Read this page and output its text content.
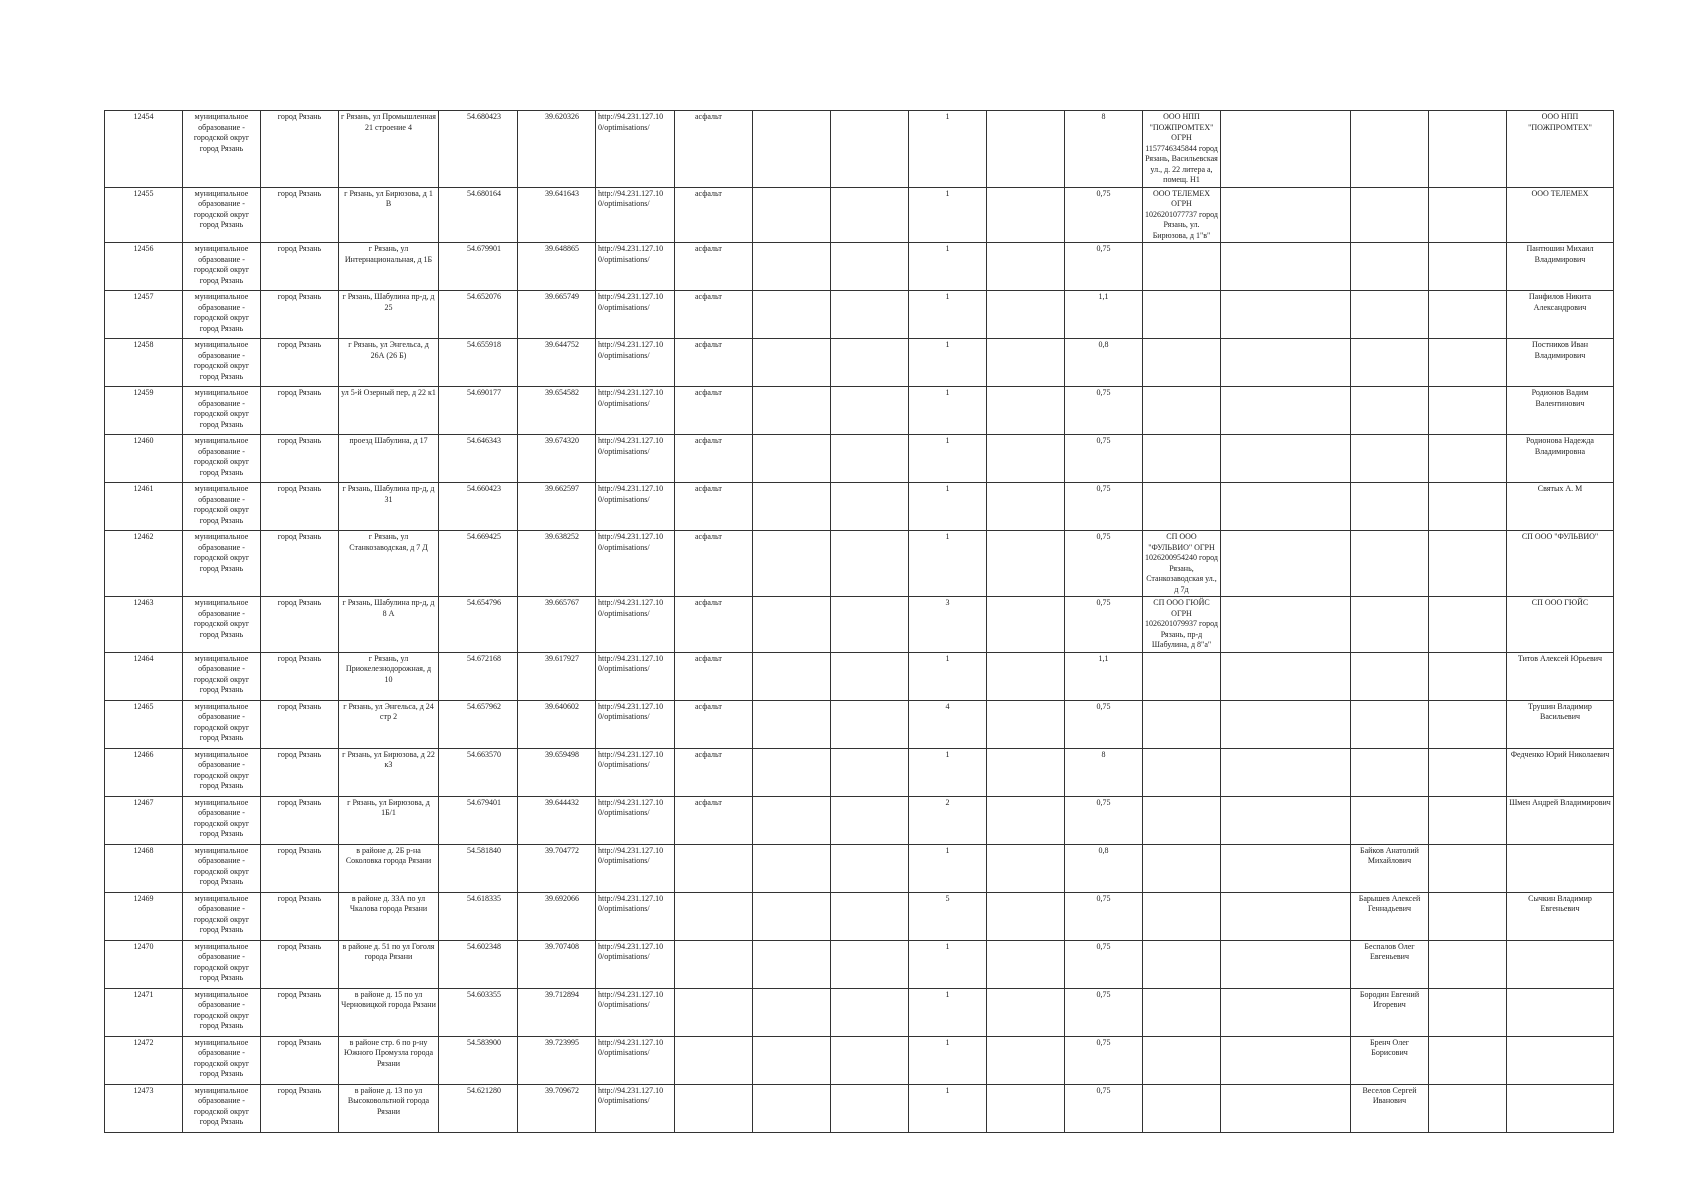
12454	муниципальное образование - городской округ город Рязань	город Рязань	г Рязань, ул Промышленная 21 строение 4	54.680423	39.620326	http://94.231.127.10 0/optimisations/	асфальт			1		8	ООО НПП "ПОЖПРОМТЕХ" ОГРН 1157746345844 город Рязань, Васильевская ул., д. 22 литера а, помещ. Н1				ООО НПП "ПОЖПРОМТЕХ"
12455	муниципальное образование - городской округ город Рязань	город Рязань	г Рязань, ул Бирюзова, д 1 В	54.680164	39.641643	http://94.231.127.10 0/optimisations/	асфальт			1		0,75	ООО ТЕЛЕМЕХ ОГРН 1026201077737 город Рязань, ул. Бирюзова, д 1"в"				ООО ТЕЛЕМЕХ
12456	муниципальное образование - городской округ город Рязань	город Рязань	г Рязань, ул Интернациональная, д 1Б	54.679901	39.648865	http://94.231.127.10 0/optimisations/	асфальт			1		0,75					Пантюшин Михаил Владимирович
12457	муниципальное образование - городской округ город Рязань	город Рязань	г Рязань, Шабулина пр-д, д 25	54.652076	39.665749	http://94.231.127.10 0/optimisations/	асфальт			1		1,1					Панфилов Никита Александрович
12458	муниципальное образование - городской округ город Рязань	город Рязань	г Рязань, ул Энгельса, д 26А (26 Б)	54.655918	39.644752	http://94.231.127.10 0/optimisations/	асфальт			1		0,8					Постников Иван Владимирович
12459	муниципальное образование - городской округ город Рязань	город Рязань	ул 5-й Озерный пер, д 22 к1	54.690177	39.654582	http://94.231.127.10 0/optimisations/	асфальт			1		0,75					Родионов Вадим Валентинович
12460	муниципальное образование - городской округ город Рязань	город Рязань	проезд Шабулина, д 17	54.646343	39.674320	http://94.231.127.10 0/optimisations/	асфальт			1		0,75					Родионова Надежда Владимировна
12461	муниципальное образование - городской округ город Рязань	город Рязань	г Рязань, Шабулина пр-д, д 31	54.660423	39.662597	http://94.231.127.10 0/optimisations/	асфальт			1		0,75					Святых А. М
12462	муниципальное образование - городской округ город Рязань	город Рязань	г Рязань, ул Станкозаводская, д 7 Д	54.669425	39.638252	http://94.231.127.10 0/optimisations/	асфальт			1		0,75	СП ООО "ФУЛЬВИО" ОГРН 1026200954240 город Рязань, Станкозаводская ул., д 7д				СП ООО "ФУЛЬВИО"
12463	муниципальное образование - городской округ город Рязань	город Рязань	г Рязань, Шабулина пр-д, д 8 А	54.654796	39.665767	http://94.231.127.10 0/optimisations/	асфальт			3		0,75	СП ООО ГЮЙС ОГРН 1026201079937 город Рязань, пр-д Шабулина, д 8"а"				СП ООО ГЮЙС
12464	муниципальное образование - городской округ город Рязань	город Рязань	г Рязань, ул Приокелезнодорожная, д 10	54.672168	39.617927	http://94.231.127.10 0/optimisations/	асфальт			1		1,1					Титов Алексей Юрьевич
12465	муниципальное образование - городской округ город Рязань	город Рязань	г Рязань, ул Энгельса, д 24 стр 2	54.657962	39.640602	http://94.231.127.10 0/optimisations/	асфальт			4		0,75					Трушин Владимир Васильевич
12466	муниципальное образование - городской округ город Рязань	город Рязань	г Рязань, ул Бирюзова, д 22 к3	54.663570	39.659498	http://94.231.127.10 0/optimisations/	асфальт			1		8					Федченко Юрий Николаевич
12467	муниципальное образование - городской округ город Рязань	город Рязань	г Рязань, ул Бирюзова, д 1Б/1	54.679401	39.644432	http://94.231.127.10 0/optimisations/	асфальт			2		0,75					Шмен Андрей Владимирович
12468	муниципальное образование - городской округ город Рязань	город Рязань	в районе д. 2Б р-на Соколовка города Рязани	54.581840	39.704772	http://94.231.127.10 0/optimisations/				1		0,8			Байков Анатолий Михайлович		
12469	муниципальное образование - городской округ город Рязань	город Рязань	в районе д. 33А по ул Чкалова города Рязани	54.618335	39.692066	http://94.231.127.10 0/optimisations/				5		0,75			Барышев Алексей Геннадьевич		Сычкин Владимир Евгеньевич
12470	муниципальное образование - городской округ город Рязань	город Рязань	в районе д. 51 по ул Гоголя города Рязани	54.602348	39.707408	http://94.231.127.10 0/optimisations/				1		0,75			Беспалов Олег Евгеньевич		
12471	муниципальное образование - городской округ город Рязань	город Рязань	в районе д. 15 по ул Черновицкой города Рязани	54.603355	39.712894	http://94.231.127.10 0/optimisations/				1		0,75			Бородин Евгений Игоревич		
12472	муниципальное образование - городской округ город Рязань	город Рязань	в районе стр. 6 по р-ну Южного Промузла города Рязани	54.583900	39.723995	http://94.231.127.10 0/optimisations/				1		0,75			Бренч Олег Борисович		
12473	муниципальное образование - городской округ город Рязань	город Рязань	в районе д. 13 по ул Высоковольтной города Рязани	54.621280	39.709672	http://94.231.127.10 0/optimisations/				1		0,75			Веселов Сергей Иванович		
